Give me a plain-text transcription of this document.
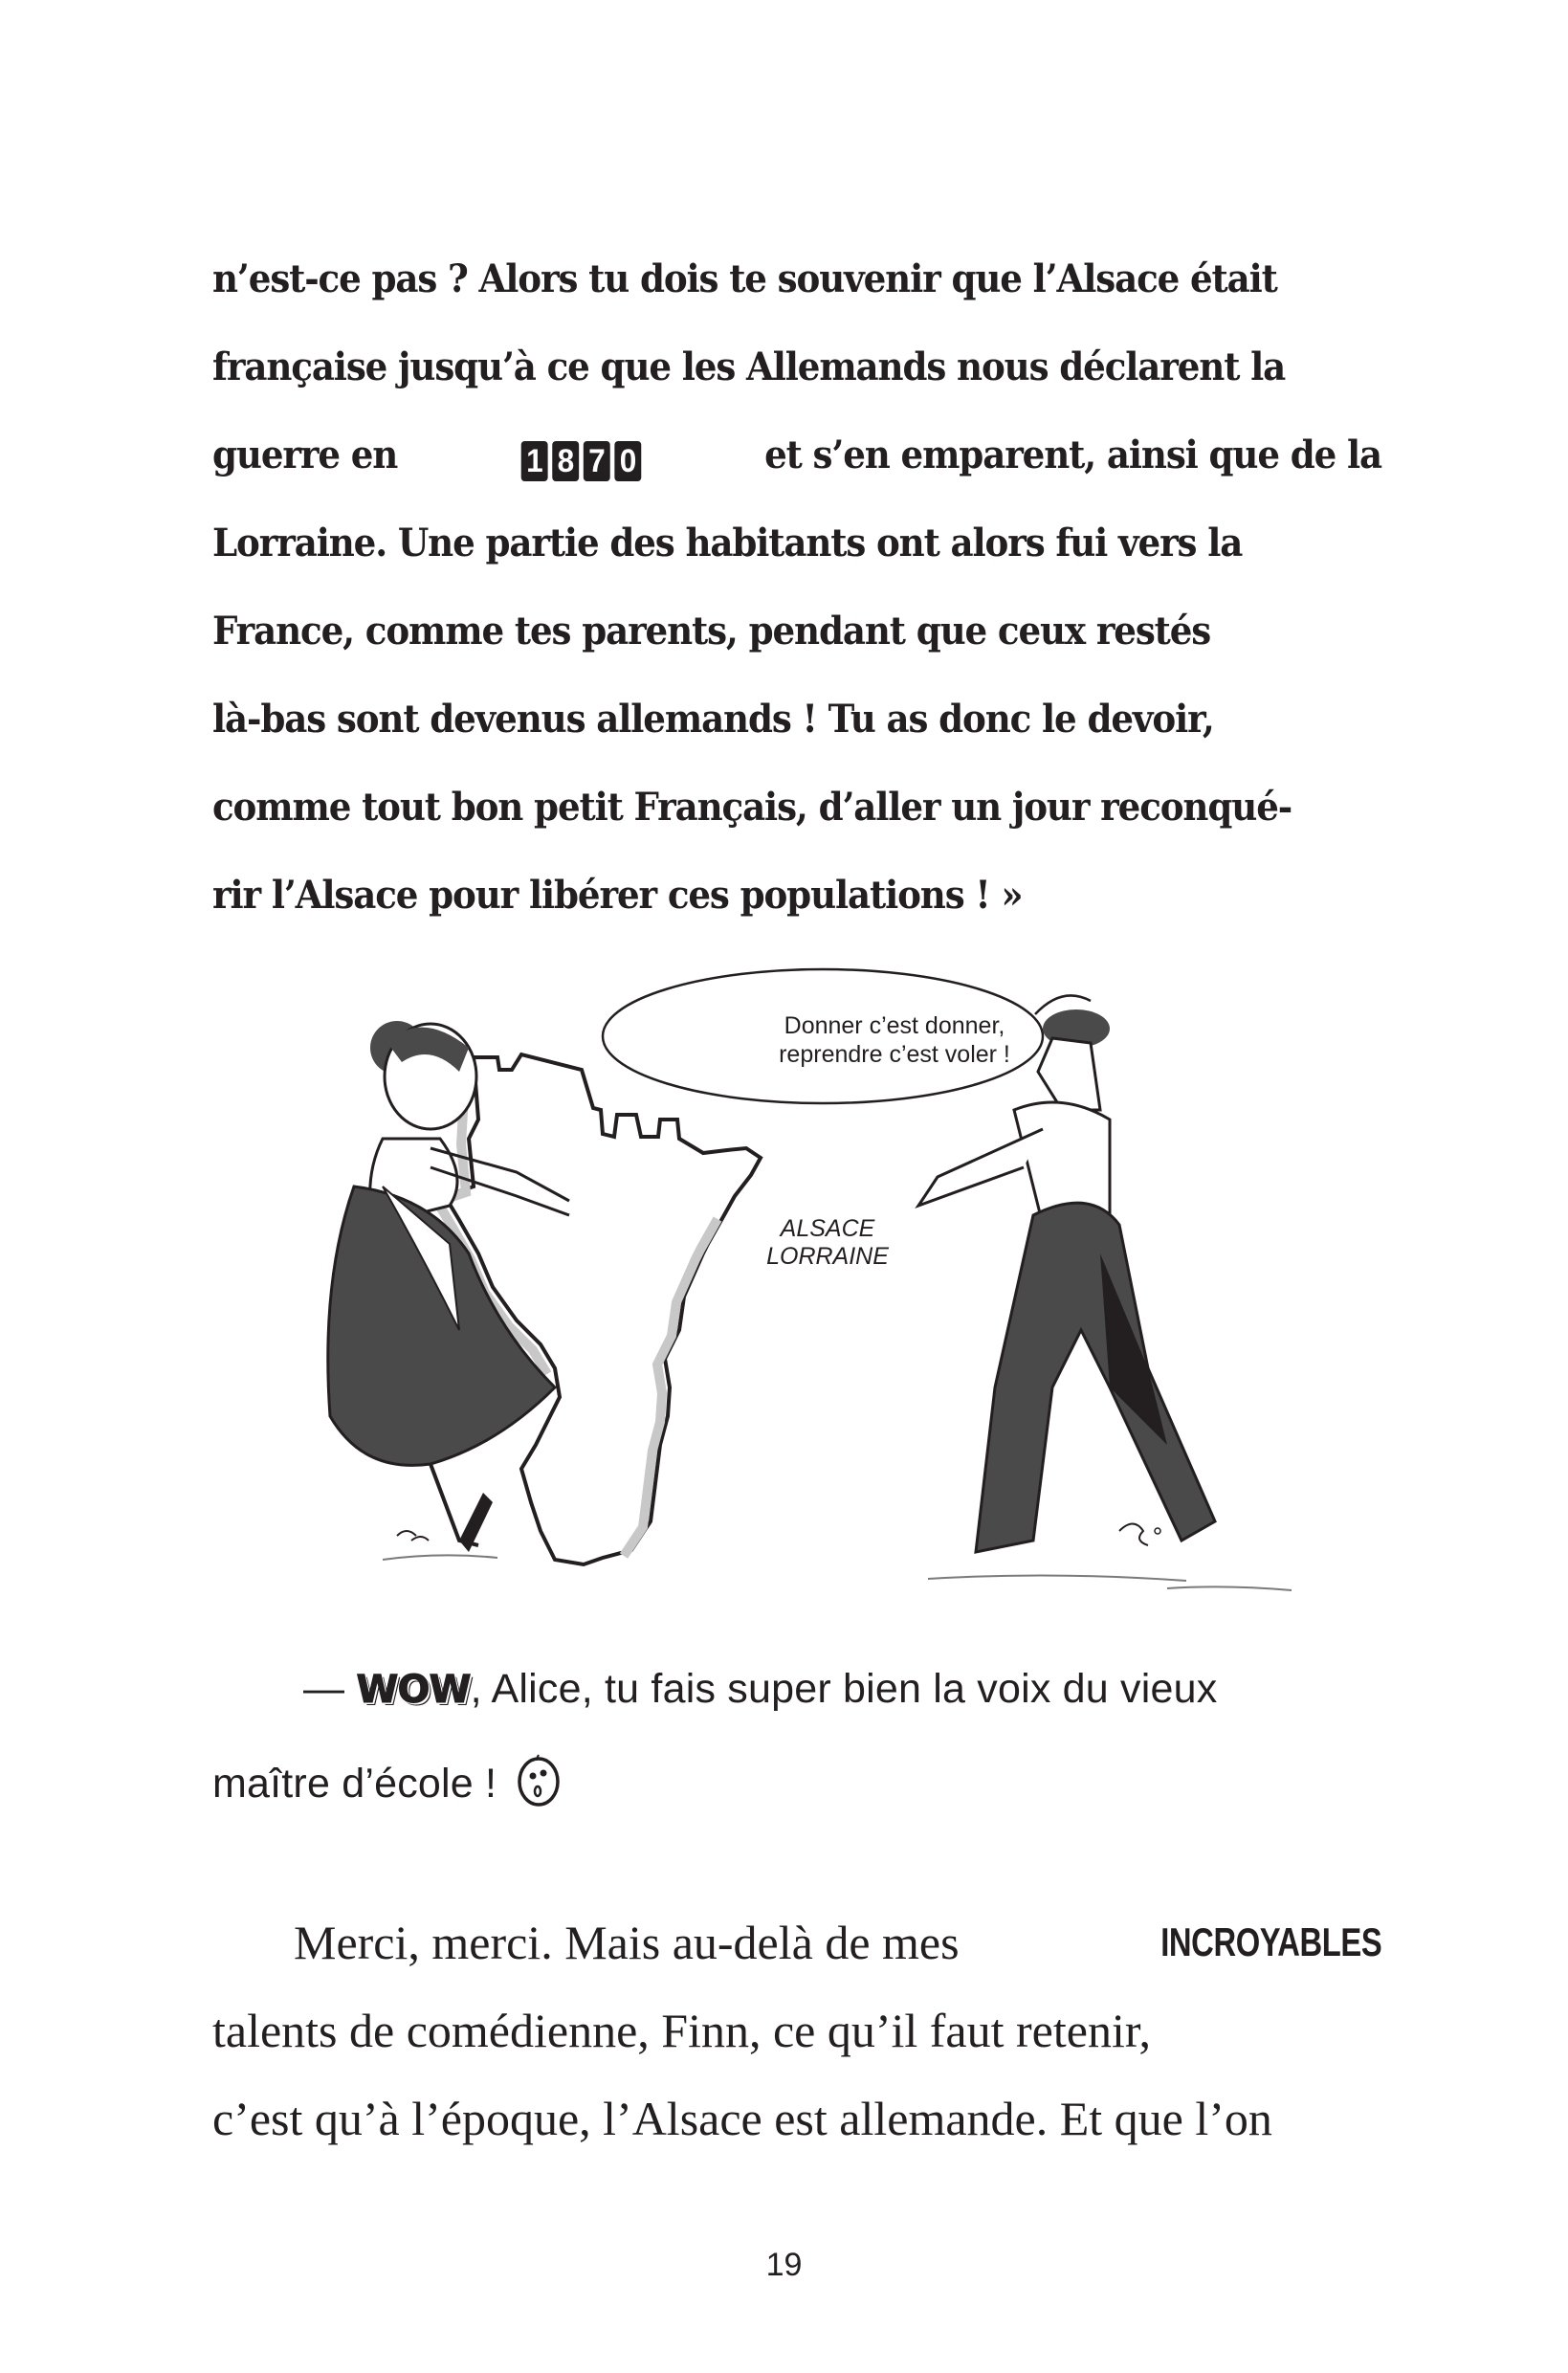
n’est-ce pas ? Alors tu dois te souvenir que l’Alsace était
française jusqu’à ce que les Allemands nous déclarent la
guerre en	1 8 7 0	et s’en emparent, ainsi que de la
Lorraine. Une partie des habitants ont alors fui vers la
France, comme tes parents, pendant que ceux restés
là-bas sont devenus allemands ! Tu as donc le devoir,
comme tout bon petit Français, d’aller un jour reconqué-
rir l’Alsace pour libérer ces populations ! »
Donner c’est donner,
reprendre c’est voler !
ALSACE
LORRAINE
— WOW, Alice, tu fais super bien la voix du vieux
maître d’école !
Merci, merci. Mais au-delà de mes	INCROYABLES
talents de comédienne, Finn, ce qu’il faut retenir,
c’est qu’à l’époque, l’Alsace est allemande. Et que l’on
19
